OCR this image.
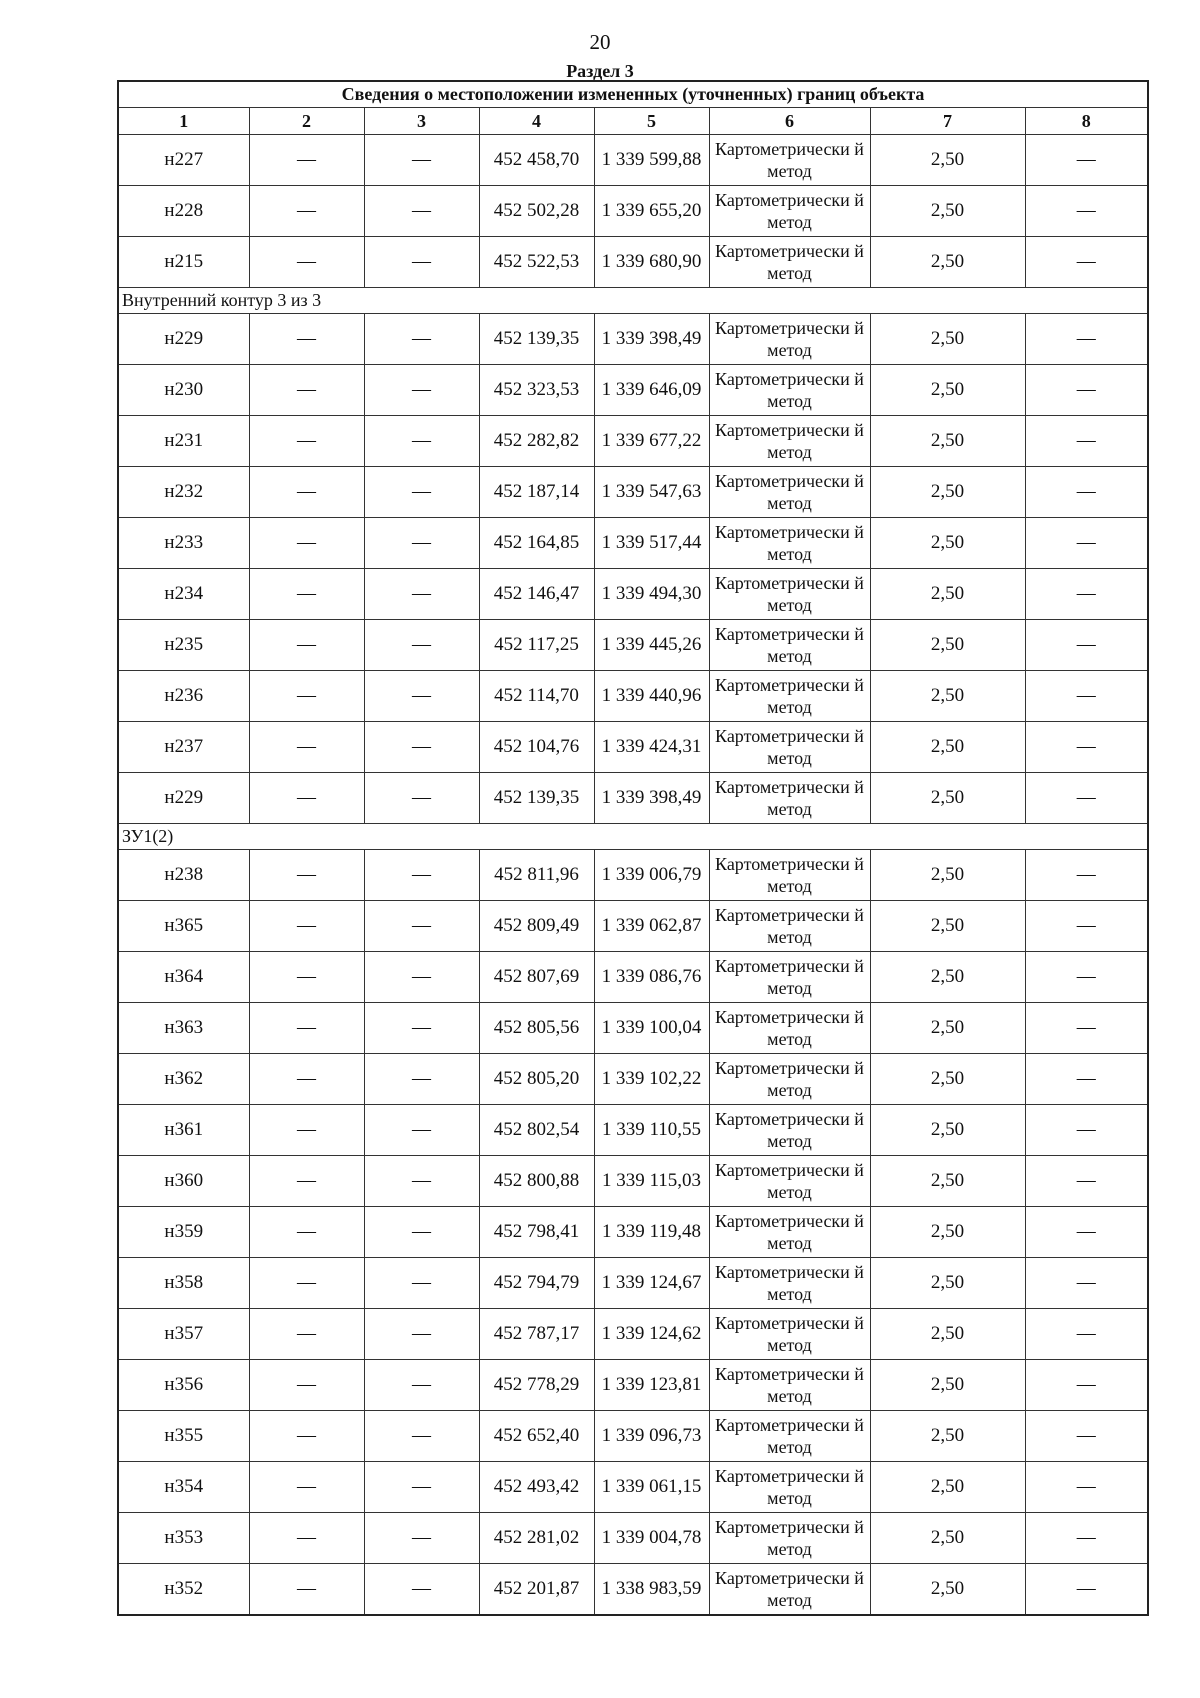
20
Раздел 3
Сведения о местоположении измененных (уточненных) границ объекта							
1	2	3	4	5	6	7	8
н227	—	—	452 458,70	1 339 599,88	Картометрически й метод	2,50	—
н228	—	—	452 502,28	1 339 655,20	Картометрически й метод	2,50	—
н215	—	—	452 522,53	1 339 680,90	Картометрически й метод	2,50	—
Внутренний контур 3 из 3							
н229	—	—	452 139,35	1 339 398,49	Картометрически й метод	2,50	—
н230	—	—	452 323,53	1 339 646,09	Картометрически й метод	2,50	—
н231	—	—	452 282,82	1 339 677,22	Картометрически й метод	2,50	—
н232	—	—	452 187,14	1 339 547,63	Картометрически й метод	2,50	—
н233	—	—	452 164,85	1 339 517,44	Картометрически й метод	2,50	—
н234	—	—	452 146,47	1 339 494,30	Картометрически й метод	2,50	—
н235	—	—	452 117,25	1 339 445,26	Картометрически й метод	2,50	—
н236	—	—	452 114,70	1 339 440,96	Картометрически й метод	2,50	—
н237	—	—	452 104,76	1 339 424,31	Картометрически й метод	2,50	—
н229	—	—	452 139,35	1 339 398,49	Картометрически й метод	2,50	—
ЗУ1(2)							
н238	—	—	452 811,96	1 339 006,79	Картометрически й метод	2,50	—
н365	—	—	452 809,49	1 339 062,87	Картометрически й метод	2,50	—
н364	—	—	452 807,69	1 339 086,76	Картометрически й метод	2,50	—
н363	—	—	452 805,56	1 339 100,04	Картометрически й метод	2,50	—
н362	—	—	452 805,20	1 339 102,22	Картометрически й метод	2,50	—
н361	—	—	452 802,54	1 339 110,55	Картометрически й метод	2,50	—
н360	—	—	452 800,88	1 339 115,03	Картометрически й метод	2,50	—
н359	—	—	452 798,41	1 339 119,48	Картометрически й метод	2,50	—
н358	—	—	452 794,79	1 339 124,67	Картометрически й метод	2,50	—
н357	—	—	452 787,17	1 339 124,62	Картометрически й метод	2,50	—
н356	—	—	452 778,29	1 339 123,81	Картометрически й метод	2,50	—
н355	—	—	452 652,40	1 339 096,73	Картометрически й метод	2,50	—
н354	—	—	452 493,42	1 339 061,15	Картометрически й метод	2,50	—
н353	—	—	452 281,02	1 339 004,78	Картометрически й метод	2,50	—
н352	—	—	452 201,87	1 338 983,59	Картометрически й метод	2,50	—
